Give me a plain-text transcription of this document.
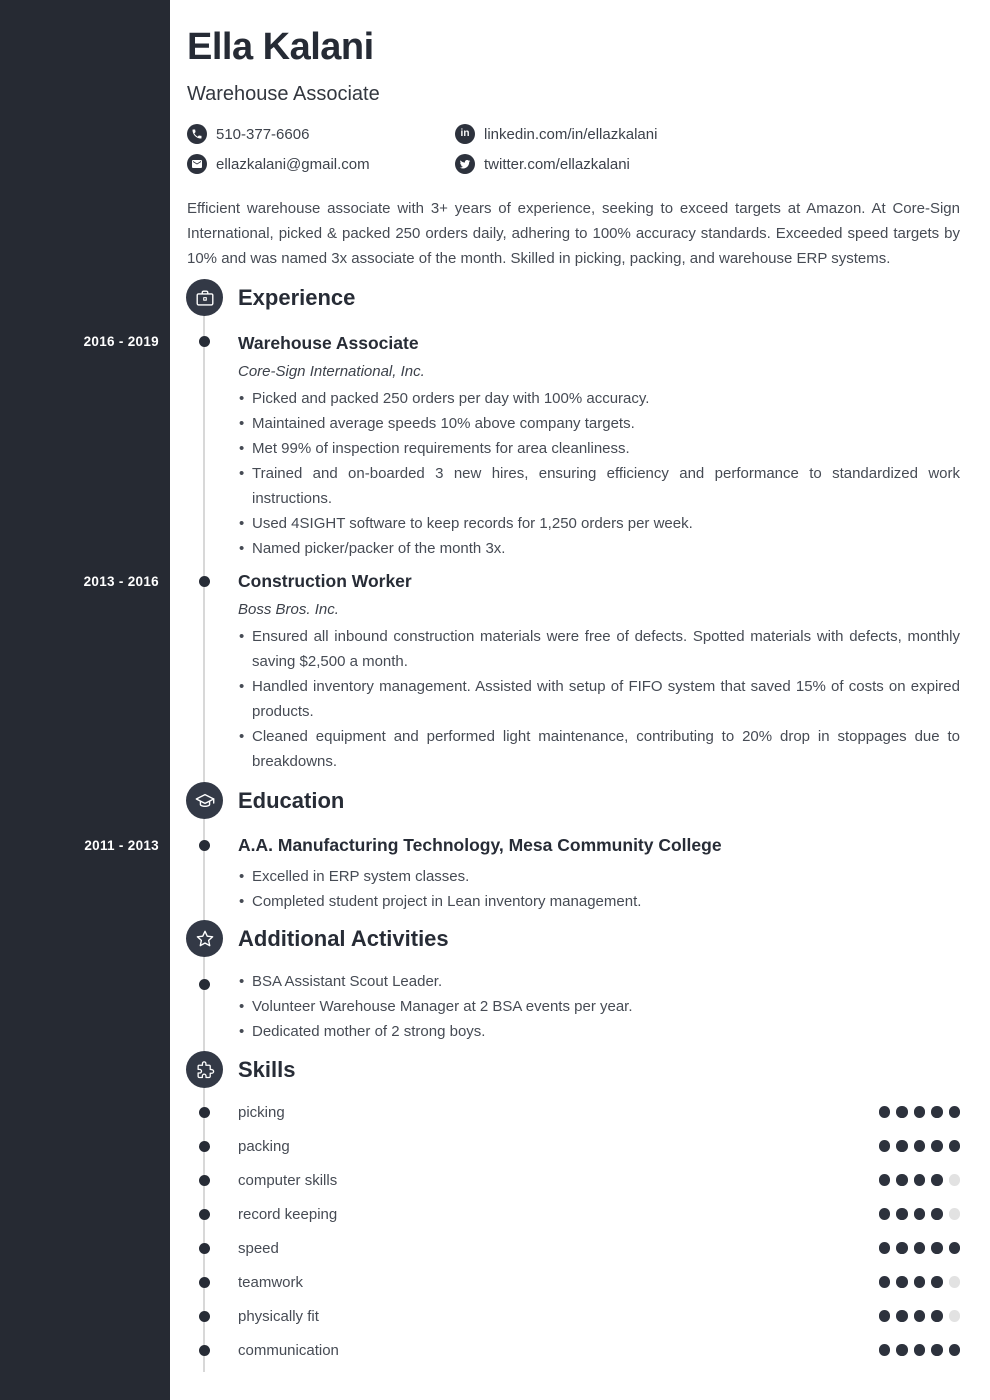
2016 - 2019
2013 - 2016
2011 - 2013
Ella Kalani
Warehouse Associate
510-377-6606	in linkedin.com/in/ellazkalani
ellazkalani@gmail.com	twitter.com/ellazkalani

Efficient warehouse associate with 3+ years of experience, seeking to exceed targets at Amazon. At Core-Sign International, picked & packed 250 orders daily, adhering to 100% accuracy standards. Exceeded speed targets by 10% and was named 3x associate of the month. Skilled in picking, packing, and warehouse ERP systems.

Experience
Warehouse Associate
Core-Sign International, Inc.
• Picked and packed 250 orders per day with 100% accuracy.
• Maintained average speeds 10% above company targets.
• Met 99% of inspection requirements for area cleanliness.
• Trained and on-boarded 3 new hires, ensuring efficiency and performance to standardized work instructions.
• Used 4SIGHT software to keep records for 1,250 orders per week.
• Named picker/packer of the month 3x.
Construction Worker
Boss Bros. Inc.
• Ensured all inbound construction materials were free of defects. Spotted materials with defects, monthly saving $2,500 a month.
• Handled inventory management. Assisted with setup of FIFO system that saved 15% of costs on expired products.
• Cleaned equipment and performed light maintenance, contributing to 20% drop in stoppages due to breakdowns.
Education
A.A. Manufacturing Technology, Mesa Community College
• Excelled in ERP system classes.
• Completed student project in Lean inventory management.
Additional Activities
• BSA Assistant Scout Leader.
• Volunteer Warehouse Manager at 2 BSA events per year.
• Dedicated mother of 2 strong boys.
Skills
picking
packing
computer skills
record keeping
speed
teamwork
physically fit
communication
